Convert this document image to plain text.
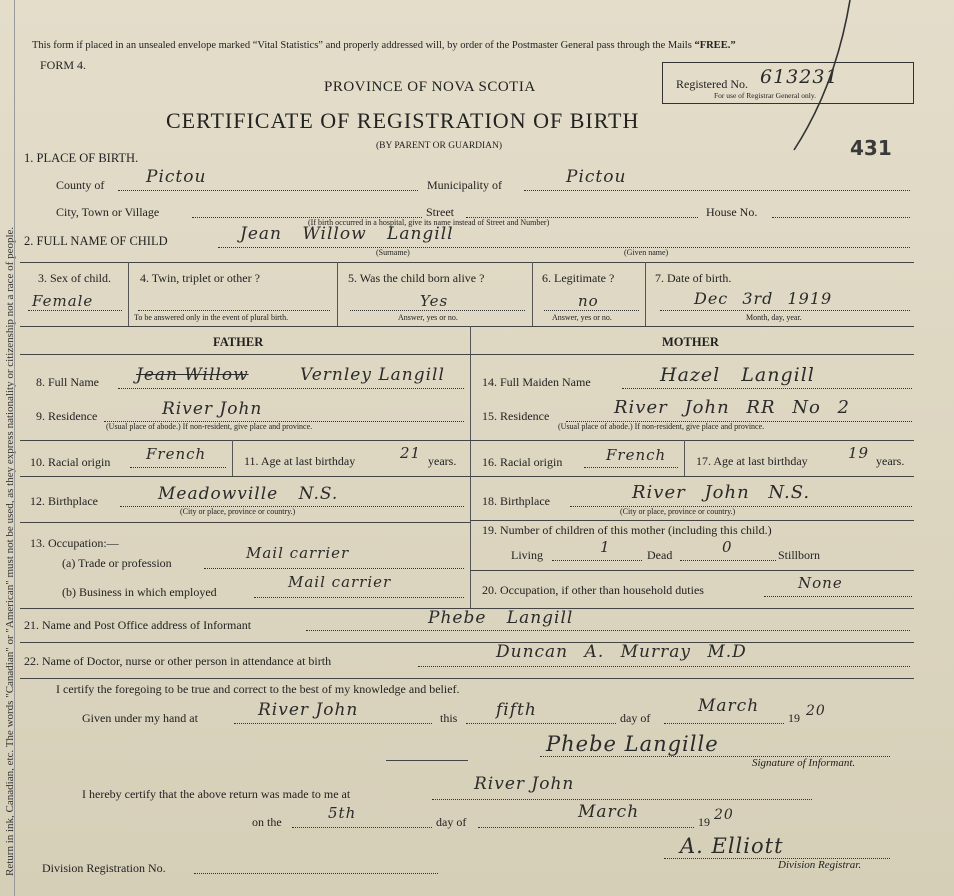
Return in ink, Canadian, etc. The words "Canadian" or "American" must not be used, as they express nationality or citizenship not a race of people.
This form if placed in an unsealed envelope marked “Vital Statistics” and properly addressed will, by order of the Postmaster General pass through the Mails “FREE.”
FORM 4.
PROVINCE OF NOVA SCOTIA
CERTIFICATE OF REGISTRATION OF BIRTH
(BY PARENT OR GUARDIAN)
Registered No. 613231
For use of Registrar General only.
431
1. PLACE OF BIRTH.
County of Pictou	Municipality of	Pictou
City, Town or Village	Street	House No.
(If birth occurred in a hospital, give its name instead of Street and Number)
2. FULL NAME OF CHILD	Jean Willow Langill
(Surname)	(Given name)
3. Sex of child.
Female
4. Twin, triplet or other ?
To be answered only in the event of plural birth.
5. Was the child born alive ?
Yes
Answer, yes or no.
6. Legitimate ?
no
Answer, yes or no.
7. Date of birth.
Dec 3rd 1919
Month, day, year.
FATHER	MOTHER
8. Full Name Jean Willow	Vernley Langill
9. Residence	River John
(Usual place of abode.) If non-resident, give place and province.
10. Racial origin French	11. Age at last birthday	21 years.
12. Birthplace	Meadowville N.S.
(City or place, province or country.)
13. Occupation:—
(a) Trade or profession
Mail carrier
(b) Business in which employed
Mail carrier
14. Full Maiden Name	Hazel Langill
15. Residence	River John RR No 2
(Usual place of abode.) If non-resident, give place and province.
16. Racial origin	French 17. Age at last birthday	19 years.
18. Birthplace	River John N.S.
(City or place, province or country.)
19. Number of children of this mother (including this child.)
Living	1	Dead	0	Stillborn
20. Occupation, if other than household duties	None
21. Name and Post Office address of Informant	Phebe Langill
22. Name of Doctor, nurse or other person in attendance at birth	Duncan A. Murray M.D
I certify the foregoing to be true and correct to the best of my knowledge and belief.
Given under my hand at	River John	this fifth	day of
March
19 20
Phebe Langille
Signature of Informant.
I hereby certify that the above return was made to me at	River John
on the	5th	day of	March	19 20
Division Registration No.
A. Elliott
Division Registrar.
